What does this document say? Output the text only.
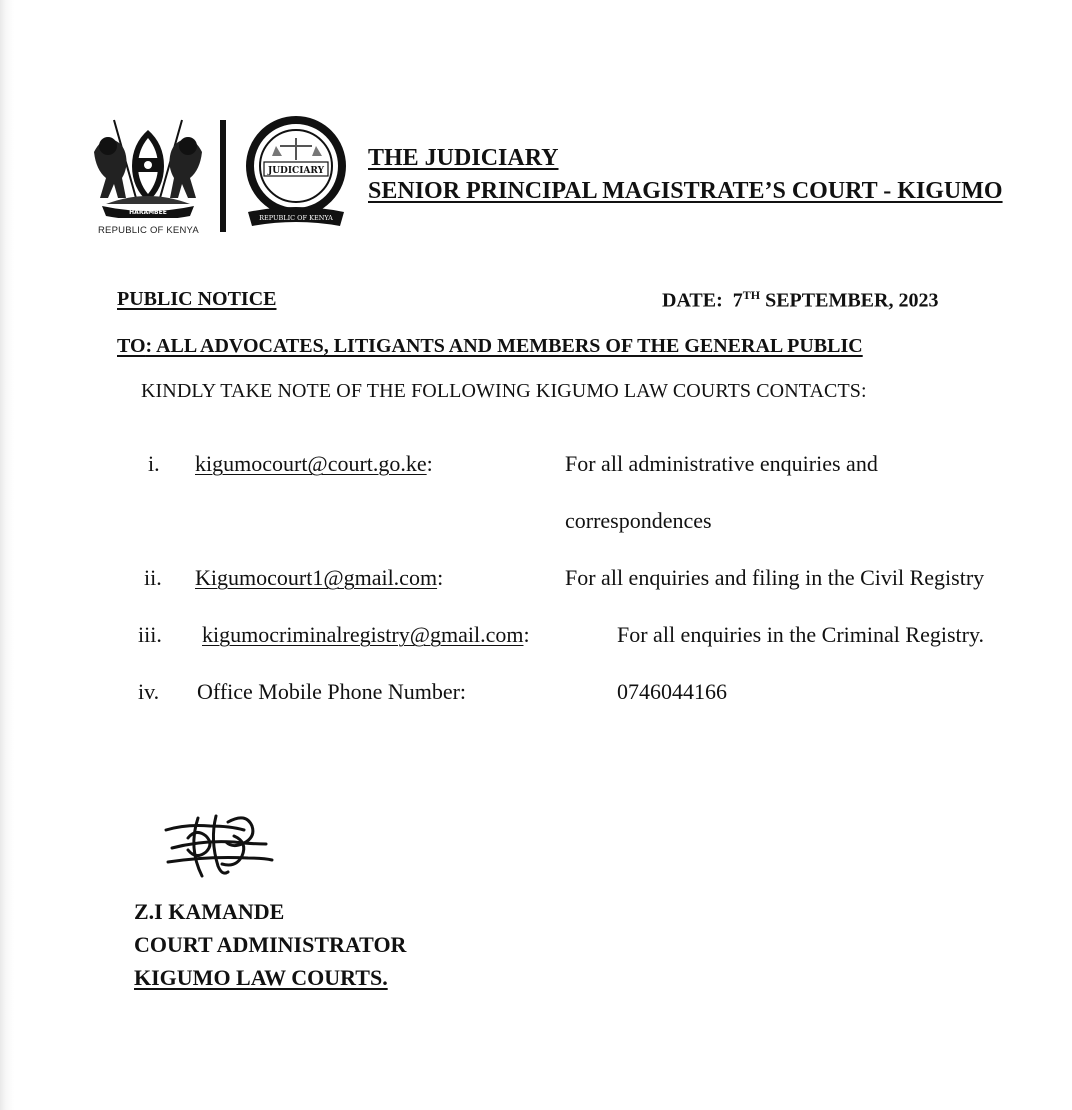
HARAMBEE
REPUBLIC OF KENYA
JUDICIARY
REPUBLIC OF KENYA
THE JUDICIARY
SENIOR PRINCIPAL MAGISTRATE’S COURT - KIGUMO
PUBLIC NOTICE	DATE: 7TH SEPTEMBER, 2023
TO: ALL ADVOCATES, LITIGANTS AND MEMBERS OF THE GENERAL PUBLIC
KINDLY TAKE NOTE OF THE FOLLOWING KIGUMO LAW COURTS CONTACTS:
i. kigumocourt@court.go.ke:	For all administrative enquiries and
correspondences
ii. Kigumocourt1@gmail.com:	For all enquiries and filing in the Civil Registry
iii. kigumocriminalregistry@gmail.com:	For all enquiries in the Criminal Registry.
iv. Office Mobile Phone Number:	0746044166
Z.I KAMANDE
COURT ADMINISTRATOR
KIGUMO LAW COURTS.
